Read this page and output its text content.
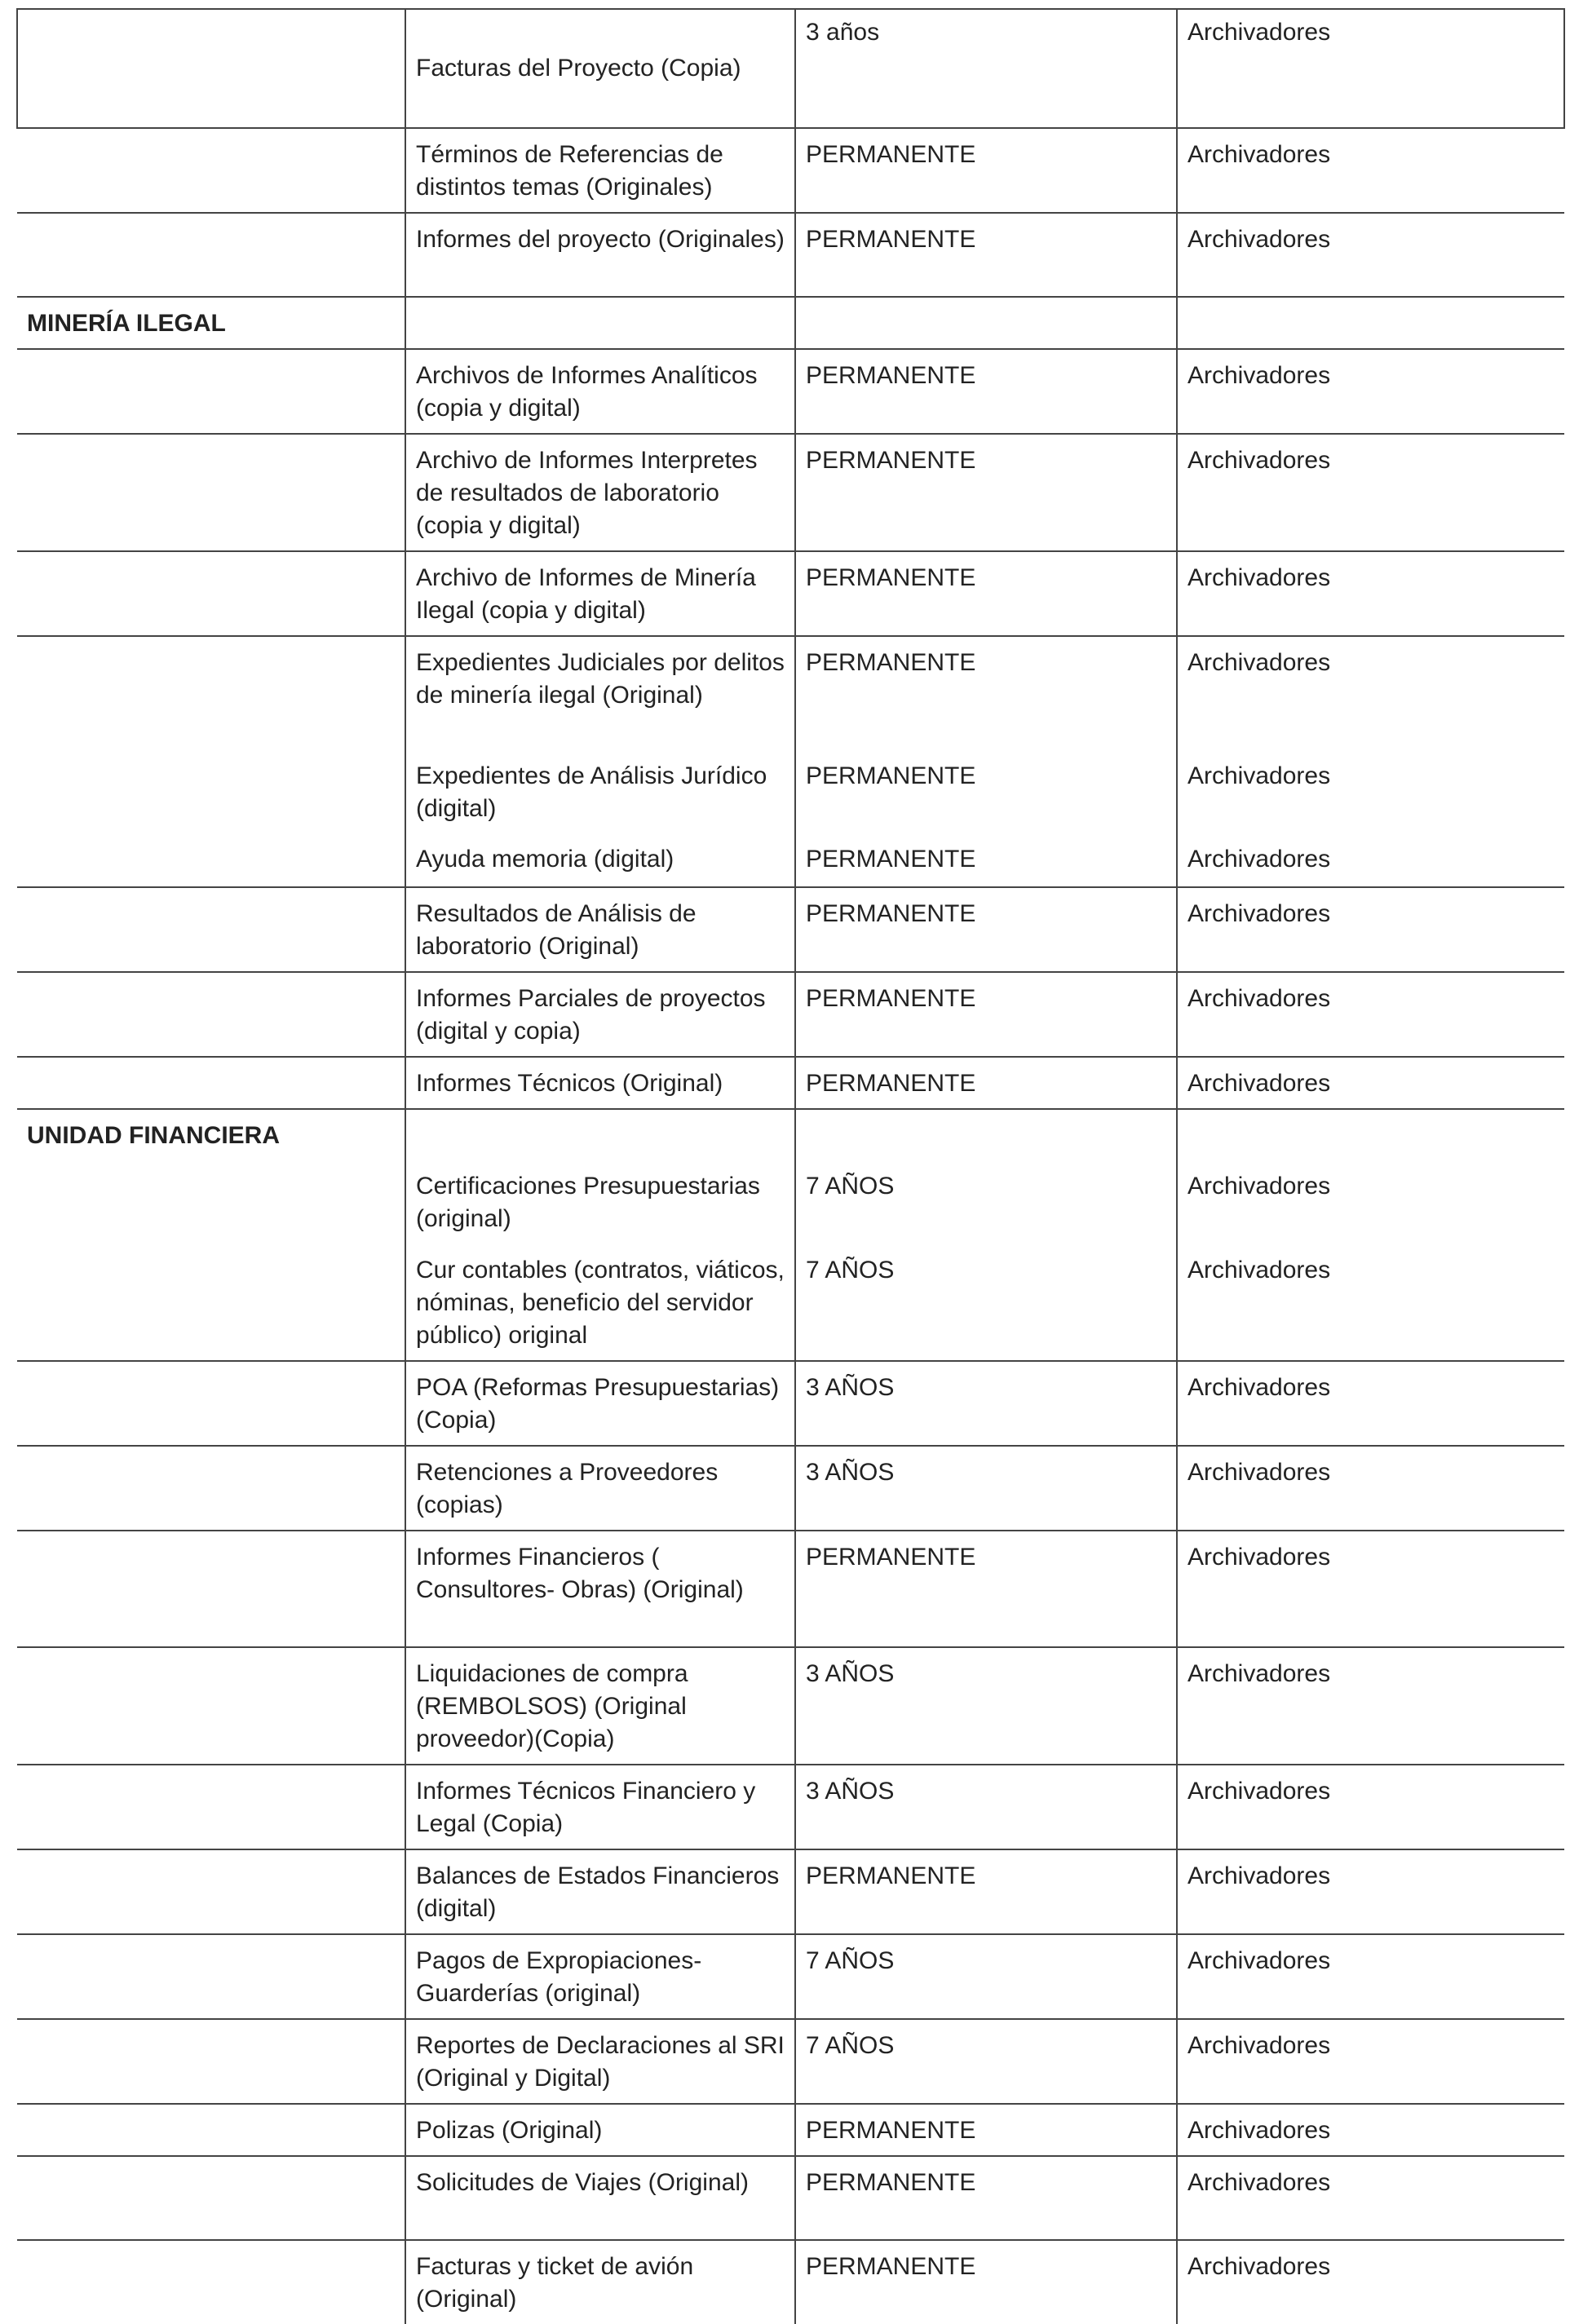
	Facturas del Proyecto (Copia)	3 años	Archivadores
	Términos de Referencias de distintos temas (Originales)	PERMANENTE	Archivadores
	Informes del proyecto (Originales)	PERMANENTE	Archivadores
MINERÍA ILEGAL			
	Archivos de Informes Analíticos (copia y digital)	PERMANENTE	Archivadores
	Archivo de Informes Interpretes de resultados de laboratorio (copia y digital)	PERMANENTE	Archivadores
	Archivo de Informes de Minería Ilegal (copia y digital)	PERMANENTE	Archivadores
	Expedientes Judiciales por delitos de minería ilegal (Original)	PERMANENTE	Archivadores
	Expedientes de Análisis Jurídico (digital)	PERMANENTE	Archivadores
	Ayuda memoria (digital)	PERMANENTE	Archivadores
	Resultados de Análisis de laboratorio (Original)	PERMANENTE	Archivadores
	Informes Parciales de proyectos (digital y copia)	PERMANENTE	Archivadores
	Informes Técnicos (Original)	PERMANENTE	Archivadores
UNIDAD FINANCIERA			
	Certificaciones Presupuestarias (original)	7 AÑOS	Archivadores
	Cur contables (contratos, viáticos, nóminas, beneficio del servidor público) original	7 AÑOS	Archivadores
	POA (Reformas Presupuestarias) (Copia)	3 AÑOS	Archivadores
	Retenciones a Proveedores (copias)	3 AÑOS	Archivadores
	Informes Financieros ( Consultores- Obras) (Original)	PERMANENTE	Archivadores
	Liquidaciones de compra (REMBOLSOS) (Original proveedor)(Copia)	3 AÑOS	Archivadores
	Informes Técnicos Financiero y Legal (Copia)	3 AÑOS	Archivadores
	Balances de Estados Financieros (digital)	PERMANENTE	Archivadores
	Pagos de Expropiaciones- Guarderías (original)	7 AÑOS	Archivadores
	Reportes de Declaraciones al SRI (Original y Digital)	7 AÑOS	Archivadores
	Polizas (Original)	PERMANENTE	Archivadores
	Solicitudes de Viajes (Original)	PERMANENTE	Archivadores
	Facturas y ticket de avión (Original)	PERMANENTE	Archivadores
